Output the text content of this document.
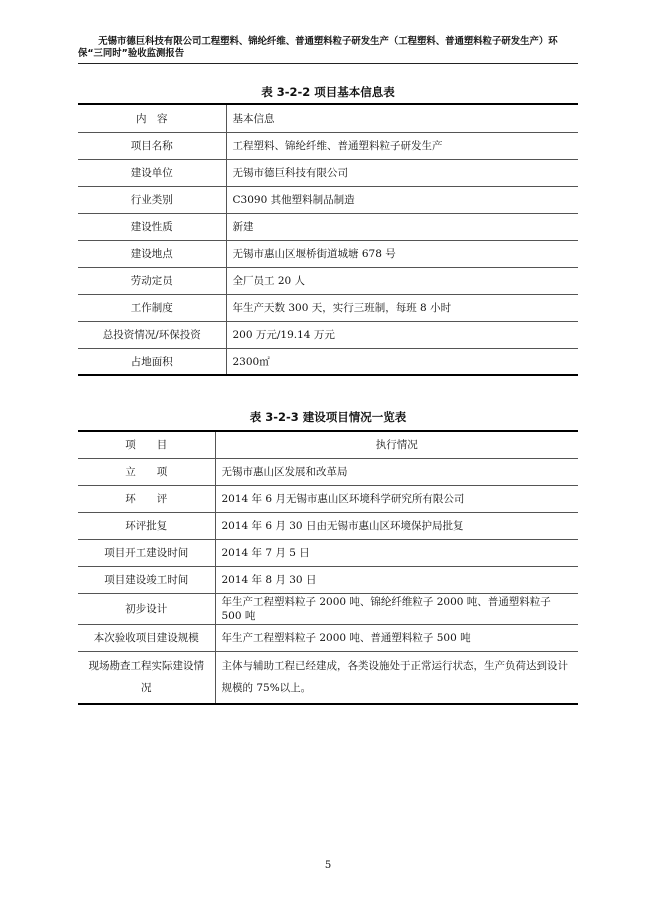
无锡市德巨科技有限公司工程塑料、锦纶纤维、普通塑料粒子研发生产（工程塑料、普通塑料粒子研发生产）环
保“三同时”验收监测报告
表 3-2-2 项目基本信息表
内　容	基本信息
项目名称	工程塑料、锦纶纤维、普通塑料粒子研发生产
建设单位	无锡市德巨科技有限公司
行业类别	C3090 其他塑料制品制造
建设性质	新建
建设地点	无锡市惠山区堰桥街道城塘 678 号
劳动定员	全厂员工 20 人
工作制度	年生产天数 300 天，实行三班制，每班 8 小时
总投资情况/环保投资	200 万元/19.14 万元
占地面积	2300㎡
表 3-2-3 建设项目情况一览表
项　　目	执行情况
立　　项	无锡市惠山区发展和改革局
环　　评	2014 年 6 月无锡市惠山区环境科学研究所有限公司
环评批复	2014 年 6 月 30 日由无锡市惠山区环境保护局批复
项目开工建设时间	2014 年 7 月 5 日
项目建设竣工时间	2014 年 8 月 30 日
初步设计	年生产工程塑料粒子 2000 吨、锦纶纤维粒子 2000 吨、普通塑料粒子 500 吨
本次验收项目建设规模	年生产工程塑料粒子 2000 吨、普通塑料粒子 500 吨
现场勘查工程实际建设情况	主体与辅助工程已经建成，各类设施处于正常运行状态，生产负荷达到设计规模的 75%以上。
5
